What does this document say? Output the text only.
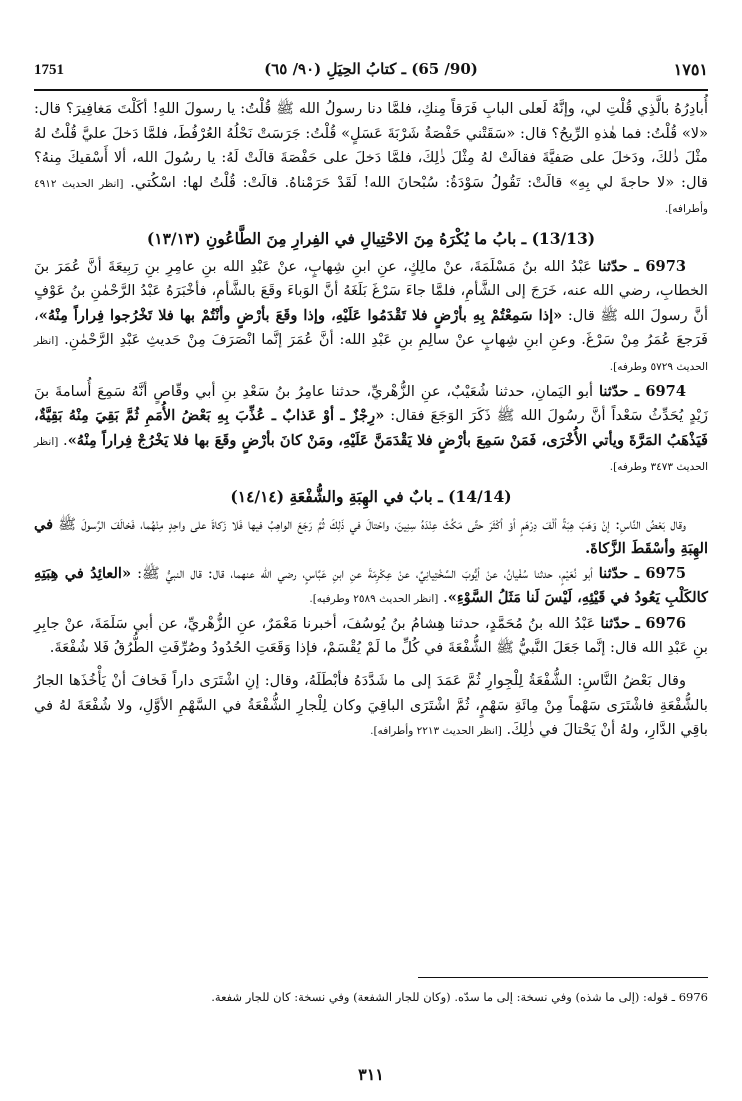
1751	(90/ 65) ـ كتابُ الحِيَلِ (٩٠/ ٦٥)	١٧٥١

أُبادِرُهُ بالَّذِي قُلْتِ لي، وإنَّهُ لَعلى البابِ فَرَقاً مِنكِ، فلمَّا دنا رسولُ الله ﷺ قُلْتُ: يا رسولَ اللهِ! أكَلْتَ مَغافِيرَ؟ قال: «لا» قُلْتُ: فما هٰذهِ الرِّيحُ؟ قال: «سَقَتْني حَفْصَةُ شَرْبَةَ عَسَلٍ» قُلْتُ: جَرَسَتْ نَحْلُهُ العُرْفُطَ، فلمَّا دَخلَ عليَّ قُلْتُ لهُ مثْلَ ذٰلكَ، ودَخلَ على صَفيَّةَ فقالَتْ لهُ مِثْلَ ذٰلِكَ، فلمَّا دَخلَ على حَفْصَةَ قالَتْ لَهُ: يا رسُولَ الله، ألا أَسْقيكَ مِنهُ؟ قال: «لا حاجةَ لي بِهِ» قالَتْ: تَقُولُ سَوْدَةُ: سُبْحانَ الله! لَقَدْ حَرَمْناهُ. قالَتْ: قُلْتُ لها: اسْكُتي. [انظر الحديث ٤٩١٢ وأطرافه].

(13/13) ـ بابُ ما يُكْرَهُ مِنَ الاحْتِيالِ في الفِرارِ مِنَ الطَّاعُونِ (١٣/١٣)

6973 ـ حدّثنا عَبْدُ الله بنُ مَسْلَمَةَ، عنْ مالِكٍ، عنِ ابنِ شِهابٍ، عنْ عَبْدِ الله بنِ عامِرِ بنِ رَبِيعَةَ أنَّ عُمَرَ بنَ الخطابِ، رضي الله عنه، خَرَجَ إلى الشَّأمِ، فلمَّا جاءَ سَرْغَ بَلَغَهُ أنَّ الوَباءَ وقَعَ بالشَّأمِ، فأخْبَرَهُ عَبْدُ الرَّحْمٰنِ بنُ عَوْفٍ أنَّ رسولَ الله ﷺ قال: «إذا سَمِعْتُمْ بِهِ بأرْضٍ فلا تَقْدَمُوا عَلَيْهِ، وإذا وقَعَ بأرْضٍ وأنْتُمْ بها فلا تَخْرُجوا فِراراً مِنْهُ»، فَرَجعَ عُمَرُ مِنْ سَرْغَ. وعنِ ابنِ شِهابٍ عنْ سالِمِ بنِ عَبْدِ الله: أنَّ عُمَرَ إنَّما انْصَرَفَ مِنْ حَديثِ عَبْدِ الرَّحْمٰنِ. [انظر الحديث ٥٧٢٩ وطرفه].

6974 ـ حدّثنا أبو اليَمانِ، حدثنا شُعَيْبٌ، عنِ الزُّهْريِّ، حدثنا عامِرُ بنُ سَعْدِ بنِ أبي وقّاصٍ أنَّهُ سَمِعَ أُسامةَ بنَ زَيْدٍ يُحَدِّثُ سَعْداً أنَّ رسُولَ الله ﷺ ذَكَرَ الوَجَعَ فقال: «رِجْزٌ ـ أوْ عَذابٌ ـ عُذِّبَ بِهِ بَعْضُ الأُمَمِ ثُمَّ بَقِيَ مِنْهُ بَقِيَّةٌ، فَيَذْهَبُ المَرَّةَ ويأتي الأُخْرَى، فَمَنْ سَمِعَ بأرْضٍ فلا يَقْدَمَنَّ عَلَيْهِ، ومَنْ كانَ بأرْضٍ وقَعَ بها فلا يَخْرُجْ فِراراً مِنْهُ». [انظر الحديث ٣٤٧٣ وطرفه].

(14/14) ـ بابٌ في الهِبَةِ والشُّفْعَةِ (١٤/١٤)

وقال بَعْضُ النَّاسِ: إنْ وَهَبَ هِبَةً ألْفَ دِرْهَمٍ أوْ أكْثَرَ حتَّى مَكُثَ عِنْدَهُ سِنِينَ، واحْتالَ في ذَلِكَ ثُمَّ رَجَعَ الواهِبُ فيها فَلا زَكاةَ على واحِدٍ مِنْهُما، فَخالَفَ الرَّسولَ ﷺ في الهِبَةِ وأسْقَطَ الزَّكاةَ.

6975 ـ حدّثنا أبو نُعَيْمٍ، حدثنا سُفْيانُ، عنْ أيُّوبَ السَّخْتِيانِيِّ، عنْ عِكْرِمَةَ عنِ ابنِ عَبَّاسٍ، رضي الله عنهما، قال: قال النبيُّ ﷺ: «العائِدُ في هِبَتِهِ كالكَلْبِ يَعُودُ في قَيْئِهِ، لَيْسَ لَنا مَثَلُ السَّوْءِ». [انظر الحديث ٢٥٨٩ وطرفيه].

6976 ـ حدّثنا عَبْدُ الله بنُ مُحَمَّدٍ، حدثنا هِشامُ بنُ يُوسُفَ، أخبرنا مَعْمَرٌ، عنِ الزُّهْريِّ، عن أبي سَلَمَةَ، عنْ جابِرِ بنِ عَبْدِ الله قال: إنَّما جَعَلَ النَّبيُّ ﷺ الشُّفْعَةَ في كُلِّ ما لَمْ يُقْسَمْ، فإذا وَقَعَتِ الحُدُودُ وصُرِّفَتِ الطُّرُقُ فَلا شُفْعَةَ.

وقال بَعْضُ النَّاسِ: الشُّفْعَةُ لِلْجِوارِ ثُمَّ عَمَدَ إلى ما شَدَّدَهُ فأبْطَلَهُ، وقال: إنِ اشْتَرَى داراً فَخافَ أنْ يَأْخُذَها الجارُ بالشُّفْعَةِ فاشْتَرَى سَهْماً مِنْ مِائَةِ سَهْمٍ، ثُمَّ اشْتَرَى الباقِيَ وكان لِلْجارِ الشُّفْعَةُ في السَّهْمِ الأوَّلِ، ولا شُفْعَةَ لهُ في باقِي الدَّارِ، ولهُ أنْ يَحْتالَ في ذٰلِكَ. [انظر الحديث ٢٢١٣ وأطرافه].

6976 ـ قوله: (إلى ما شذه) وفي نسخة: إلى ما سدّه. (وكان للجار الشفعة) وفي نسخة: كان للجار شفعة.
٣١١
